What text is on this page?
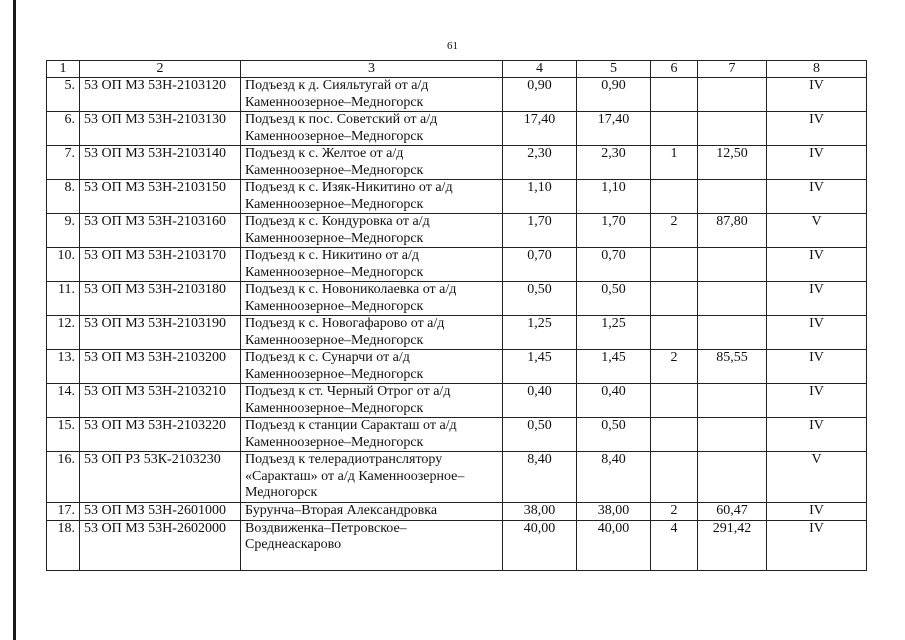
61
1	2	3	4	5	6	7	8
5.	53 ОП МЗ 53Н-2103120	Подъезд к д. Сияльтугай от а/д
Каменноозерное–Медногорск	0,90	0,90			IV
6.	53 ОП МЗ 53Н-2103130	Подъезд к пос. Советский от а/д
Каменноозерное–Медногорск	17,40	17,40			IV
7.	53 ОП МЗ 53Н-2103140	Подъезд к с. Желтое от а/д
Каменноозерное–Медногорск	2,30	2,30	1	12,50	IV
8.	53 ОП МЗ 53Н-2103150	Подъезд к с. Изяк-Никитино от а/д
Каменноозерное–Медногорск	1,10	1,10			IV
9.	53 ОП МЗ 53Н-2103160	Подъезд к с. Кондуровка от а/д
Каменноозерное–Медногорск	1,70	1,70	2	87,80	V
10.	53 ОП МЗ 53Н-2103170	Подъезд к с. Никитино от а/д
Каменноозерное–Медногорск	0,70	0,70			IV
11.	53 ОП МЗ 53Н-2103180	Подъезд к с. Новониколаевка от а/д
Каменноозерное–Медногорск	0,50	0,50			IV
12.	53 ОП МЗ 53Н-2103190	Подъезд к с. Новогафарово от а/д
Каменноозерное–Медногорск	1,25	1,25			IV
13.	53 ОП МЗ 53Н-2103200	Подъезд к с. Сунарчи от а/д
Каменноозерное–Медногорск	1,45	1,45	2	85,55	IV
14.	53 ОП МЗ 53Н-2103210	Подъезд к ст. Черный Отрог от а/д
Каменноозерное–Медногорск	0,40	0,40			IV
15.	53 ОП МЗ 53Н-2103220	Подъезд к станции Саракташ от а/д
Каменноозерное–Медногорск	0,50	0,50			IV
16.	53 ОП РЗ 53К-2103230	Подъезд к телерадиотранслятору
«Саракташ» от а/д Каменноозерное–
Медногорск	8,40	8,40			V
17.	53 ОП МЗ 53Н-2601000	Бурунча–Вторая Александровка	38,00	38,00	2	60,47	IV
18.	53 ОП МЗ 53Н-2602000	Воздвиженка–Петровское–
Среднеаскарово	40,00	40,00	4	291,42	IV
